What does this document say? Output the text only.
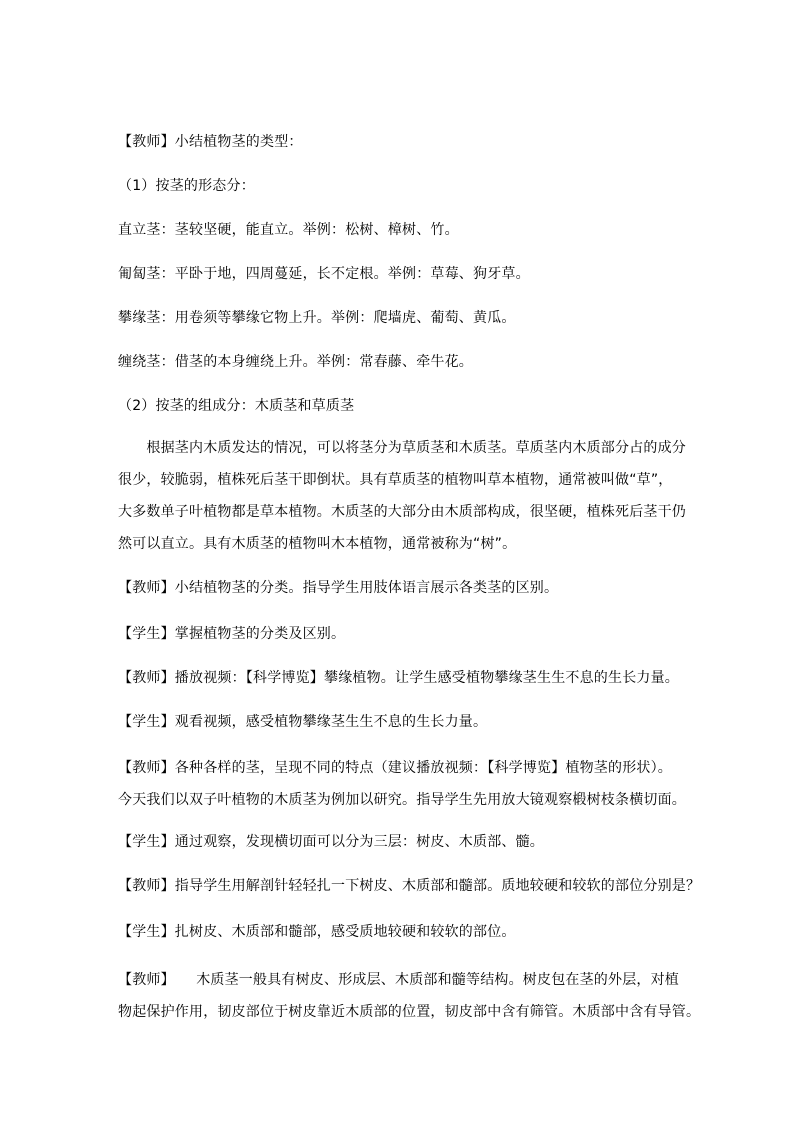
【教师】小结植物茎的类型：
（1）按茎的形态分：
直立茎：茎较坚硬，能直立。举例：松树、樟树、竹。
匍匐茎：平卧于地，四周蔓延，长不定根。举例：草莓、狗牙草。
攀缘茎：用卷须等攀缘它物上升。举例：爬墙虎、葡萄、黄瓜。
缠绕茎：借茎的本身缠绕上升。举例：常春藤、牵牛花。
（2）按茎的组成分：木质茎和草质茎
　　根据茎内木质发达的情况，可以将茎分为草质茎和木质茎。草质茎内木质部分占的成分
很少，较脆弱，植株死后茎干即倒状。具有草质茎的植物叫草本植物，通常被叫做“草”，
大多数单子叶植物都是草本植物。木质茎的大部分由木质部构成，很坚硬，植株死后茎干仍
然可以直立。具有木质茎的植物叫木本植物，通常被称为“树”。
【教师】小结植物茎的分类。指导学生用肢体语言展示各类茎的区别。
【学生】掌握植物茎的分类及区别。
【教师】播放视频：【科学博览】攀缘植物。让学生感受植物攀缘茎生生不息的生长力量。
【学生】观看视频，感受植物攀缘茎生生不息的生长力量。
【教师】各种各样的茎，呈现不同的特点（建议播放视频：【科学博览】植物茎的形状）。
今天我们以双子叶植物的木质茎为例加以研究。指导学生先用放大镜观察椴树枝条横切面。
【学生】通过观察，发现横切面可以分为三层：树皮、木质部、髓。
【教师】指导学生用解剖针轻轻扎一下树皮、木质部和髓部。质地较硬和较软的部位分别是？
【学生】扎树皮、木质部和髓部，感受质地较硬和较软的部位。
【教师】　　木质茎一般具有树皮、形成层、木质部和髓等结构。树皮包在茎的外层，对植
物起保护作用，韧皮部位于树皮靠近木质部的位置，韧皮部中含有筛管。木质部中含有导管。
